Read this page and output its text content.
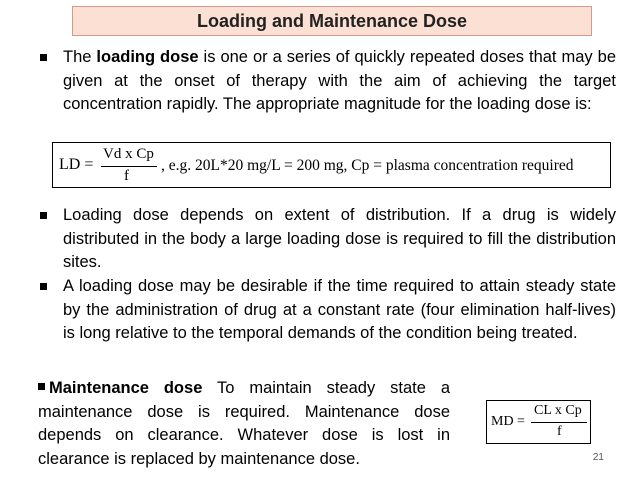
Loading and Maintenance Dose
The loading dose is one or a series of quickly repeated doses that may be given at the onset of therapy with the aim of achieving the target concentration rapidly. The appropriate magnitude for the loading dose is:
LD =
Vd x Cp
f
, e.g. 20L*20 mg/L = 200 mg, Cp = plasma concentration required
Loading dose depends on extent of distribution. If a drug is widely distributed in the body a large loading dose is required to fill the distribution sites.
A loading dose may be desirable if the time required to attain steady state by the administration of drug at a constant rate (four elimination half-lives) is long relative to the temporal demands of the condition being treated.
Maintenance dose To maintain steady state a maintenance dose is required. Maintenance dose depends on clearance. Whatever dose is lost in clearance is replaced by maintenance dose.
MD =
CL x Cp
f
21
